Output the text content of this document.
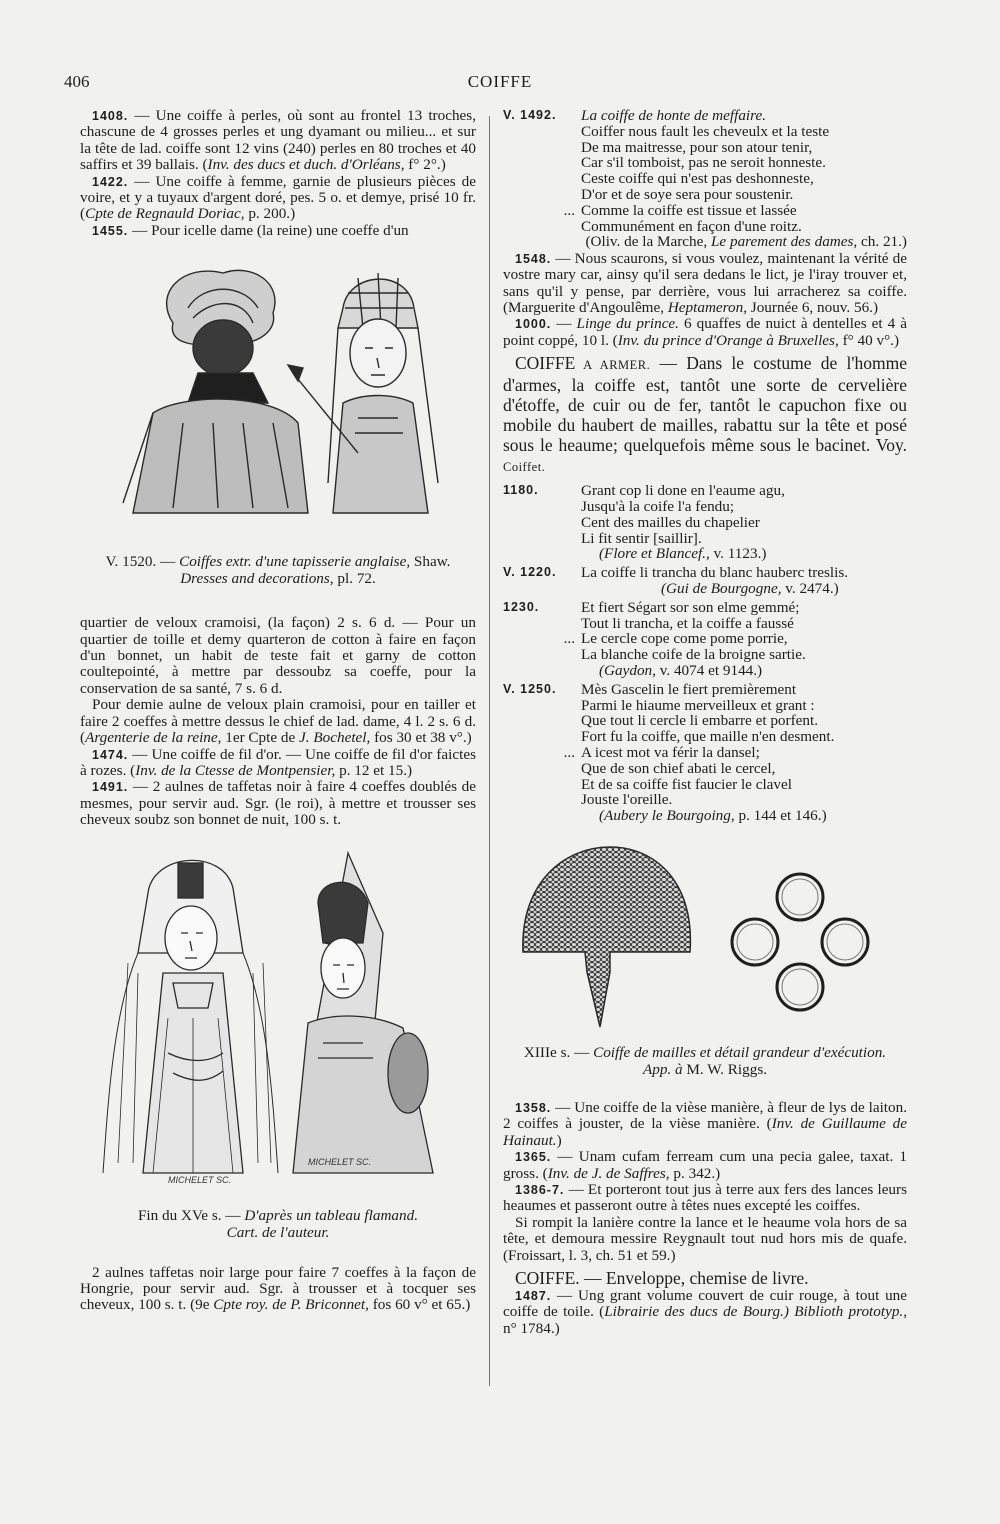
406	COIFFE

1408. — Une coiffe à perles, où sont au frontel 13 troches, chascune de 4 grosses perles et ung dyamant ou milieu... et sur la tête de lad. coiffe sont 12 vins (240) perles en 80 troches et 40 saffirs et 39 ballais. (Inv. des ducs et duch. d'Orléans, f° 2°.)

1422. — Une coiffe à femme, garnie de plusieurs pièces de voire, et y a tuyaux d'argent doré, pes. 5 o. et demye, prisé 10 fr. (Cpte de Regnauld Doriac, p. 200.)

1455. — Pour icelle dame (la reine) une coeffe d'un

V. 1520. — Coiffes extr. d'une tapisserie anglaise, Shaw.

Dresses and decorations, pl. 72.

quartier de veloux cramoisi, (la façon) 2 s. 6 d. — Pour un quartier de toille et demy quarteron de cotton à faire en façon d'un bonnet, un habit de teste fait et garny de cotton coultepointé, à mettre par dessoubz sa coeffe, pour la conservation de sa santé, 7 s. 6 d.

Pour demie aulne de veloux plain cramoisi, pour en tailler et faire 2 coeffes à mettre dessus le chief de lad. dame, 4 l. 2 s. 6 d. (Argenterie de la reine, 1er Cpte de J. Bochetel, fos 30 et 38 v°.)

1474. — Une coiffe de fil d'or. — Une coiffe de fil d'or faictes à rozes. (Inv. de la Ctesse de Montpensier, p. 12 et 15.)

1491. — 2 aulnes de taffetas noir à faire 4 coeffes doublés de mesmes, pour servir aud. Sgr. (le roi), à mettre et trousser ses cheveux soubz son bonnet de nuit, 100 s. t.

MICHELET SC.
MICHELET SC.

Fin du XVe s. — D'après un tableau flamand.

Cart. de l'auteur.

2 aulnes taffetas noir large pour faire 7 coeffes à la façon de Hongrie, pour servir aud. Sgr. à trousser et à tocquer ses cheveux, 100 s. t. (9e Cpte roy. de P. Briconnet, fos 60 v° et 65.)

V. 1492.	La coiffe de honte de meffaire.
Coiffer nous fault les cheveulx et la teste
De ma maitresse, pour son atour tenir,
Car s'il tomboist, pas ne seroit honneste.
Ceste coiffe qui n'est pas deshonneste,
D'or et de soye sera pour soustenir.
... Comme la coiffe est tissue et lassée
Communément en façon d'une roitz.

(Oliv. de la Marche, Le parement des dames, ch. 21.)

1548. — Nous scaurons, si vous voulez, maintenant la vérité de vostre mary car, ainsy qu'il sera dedans le lict, je l'iray trouver et, sans qu'il y pense, par derrière, vous lui arracherez sa coiffe. (Marguerite d'Angoulême, Heptameron, Journée 6, nouv. 56.)

1000. — Linge du prince. 6 quaffes de nuict à dentelles et 4 à point coppé, 10 l. (Inv. du prince d'Orange à Bruxelles, f° 40 v°.)

COIFFE A ARMER. — Dans le costume de l'homme d'armes, la coiffe est, tantôt une sorte de cervelière d'étoffe, de cuir ou de fer, tantôt le capuchon fixe ou mobile du haubert de mailles, rabattu sur la tête et posé sous le heaume; quelquefois même sous le bacinet. Voy. Coiffet.

1180.	Grant cop li done en l'eaume agu,
Jusqu'à la coife l'a fendu;
Cent des mailles du chapelier
Li fit sentir [saillir].
(Flore et Blancef., v. 1123.)
V. 1220.	La coiffe li trancha du blanc hauberc treslis.
(Gui de Bourgogne, v. 2474.)
1230.	Et fiert Ségart sor son elme gemmé;
Tout li trancha, et la coiffe a faussé
... Le cercle cope come pome porrie,
La blanche coife de la broigne sartie.
(Gaydon, v. 4074 et 9144.)
V. 1250.	Mès Gascelin le fiert premièrement
Parmi le hiaume merveilleux et grant :
Que tout li cercle li embarre et porfent.
Fort fu la coiffe, que maille n'en desment.
... A icest mot va férir la dansel;
Que de son chief abati le cercel,
Et de sa coiffe fist faucier le clavel
Jouste l'oreille.
(Aubery le Bourgoing, p. 144 et 146.)

XIIIe s. — Coiffe de mailles et détail grandeur d'exécution.

App. à M. W. Riggs.

1358. — Une coiffe de la vièse manière, à fleur de lys de laiton. 2 coiffes à jouster, de la vièse manière. (Inv. de Guillaume de Hainaut.)

1365. — Unam cufam ferream cum una pecia galee, taxat. 1 gross. (Inv. de J. de Saffres, p. 342.)

1386-7. — Et porteront tout jus à terre aux fers des lances leurs heaumes et passeront outre à têtes nues excepté les coiffes.

Si rompit la lanière contre la lance et le heaume vola hors de sa tête, et demoura messire Reygnault tout nud hors mis de quafe. (Froissart, l. 3, ch. 51 et 59.)

COIFFE. — Enveloppe, chemise de livre.

1487. — Ung grant volume couvert de cuir rouge, à tout une coiffe de toile. (Librairie des ducs de Bourg.) Biblioth prototyp., n° 1784.)
